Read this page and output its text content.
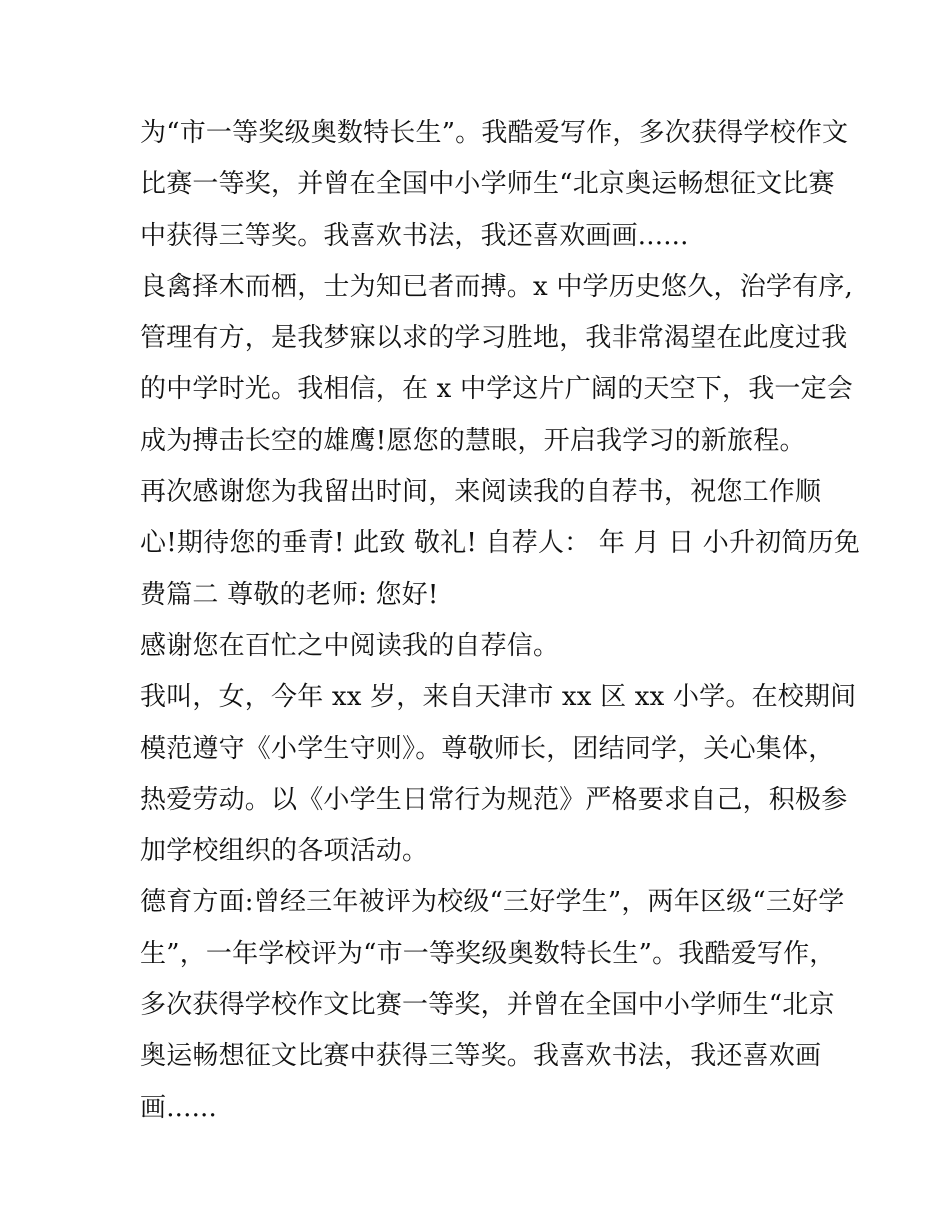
为“市一等奖级奥数特长生”。我酷爱写作，多次获得学校作文
比赛一等奖，并曾在全国中小学师生“北京奥运畅想征文比赛
中获得三等奖。我喜欢书法，我还喜欢画画......
良禽择木而栖，士为知已者而搏。x 中学历史悠久，治学有序,
管理有方，是我梦寐以求的学习胜地，我非常渴望在此度过我
的中学时光。我相信，在 x 中学这片广阔的天空下，我一定会
成为搏击长空的雄鹰!愿您的慧眼，开启我学习的新旅程。
再次感谢您为我留出时间，来阅读我的自荐书，祝您工作顺
心!期待您的垂青! 此致 敬礼! 自荐人： 年 月 日 小升初简历免
费篇二 尊敬的老师: 您好!
感谢您在百忙之中阅读我的自荐信。
我叫，女，今年 xx 岁，来自天津市 xx 区 xx 小学。在校期间
模范遵守《小学生守则》。尊敬师长，团结同学，关心集体，
热爱劳动。以《小学生日常行为规范》严格要求自己，积极参
加学校组织的各项活动。
德育方面:曾经三年被评为校级“三好学生”，两年区级“三好学
生”，一年学校评为“市一等奖级奥数特长生”。我酷爱写作，
多次获得学校作文比赛一等奖，并曾在全国中小学师生“北京
奥运畅想征文比赛中获得三等奖。我喜欢书法，我还喜欢画
画......
